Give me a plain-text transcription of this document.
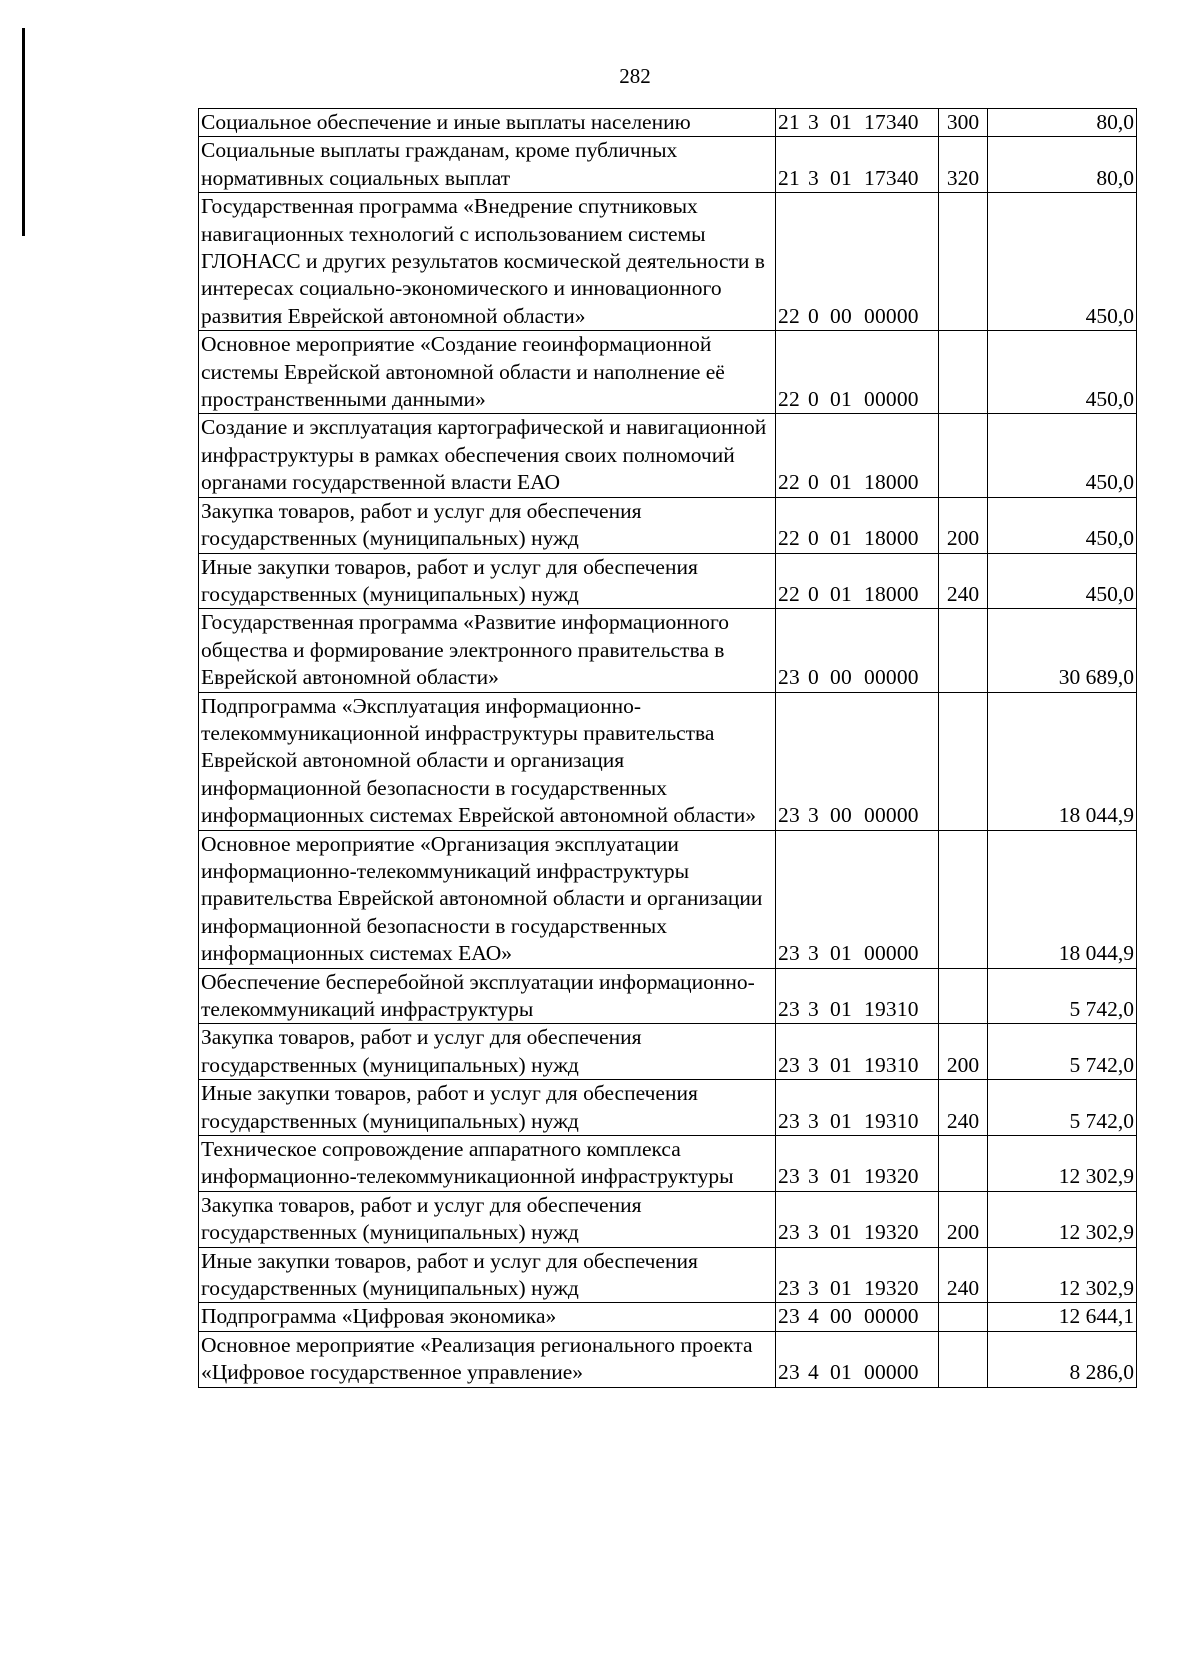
282
Социальное обеспечение и иные выплаты населению	21 3 01 17340	300	80,0
Социальные выплаты гражданам, кроме публичных нормативных социальных выплат	21 3 01 17340	320	80,0
Государственная программа «Внедрение спутниковых навигационных технологий с использованием системы ГЛОНАСС и других результатов космической деятельности в интересах социально-экономического и инновационного развития Еврейской автономной области»	22 0 00 00000		450,0
Основное мероприятие «Создание геоинформационной системы Еврейской автономной области и наполнение её пространственными данными»	22 0 01 00000		450,0
Создание и эксплуатация картографической и навигационной инфраструктуры в рамках обеспечения своих полномочий органами государственной власти ЕАО	22 0 01 18000		450,0
Закупка товаров, работ и услуг для обеспечения государственных (муниципальных) нужд	22 0 01 18000	200	450,0
Иные закупки товаров, работ и услуг для обеспечения государственных (муниципальных) нужд	22 0 01 18000	240	450,0
Государственная программа «Развитие информационного общества и формирование электронного правительства в Еврейской автономной области»	23 0 00 00000		30 689,0
Подпрограмма «Эксплуатация информационно-телекоммуникационной инфраструктуры правительства Еврейской автономной области и организация информационной безопасности в государственных информационных системах Еврейской автономной области»	23 3 00 00000		18 044,9
Основное мероприятие «Организация эксплуатации информационно-телекоммуникаций инфраструктуры правительства Еврейской автономной области и организации информационной безопасности в государственных информационных системах ЕАО»	23 3 01 00000		18 044,9
Обеспечение бесперебойной эксплуатации информационно-телекоммуникаций инфраструктуры	23 3 01 19310		5 742,0
Закупка товаров, работ и услуг для обеспечения государственных (муниципальных) нужд	23 3 01 19310	200	5 742,0
Иные закупки товаров, работ и услуг для обеспечения государственных (муниципальных) нужд	23 3 01 19310	240	5 742,0
Техническое сопровождение аппаратного комплекса информационно-телекоммуникационной инфраструктуры	23 3 01 19320		12 302,9
Закупка товаров, работ и услуг для обеспечения государственных (муниципальных) нужд	23 3 01 19320	200	12 302,9
Иные закупки товаров, работ и услуг для обеспечения государственных (муниципальных) нужд	23 3 01 19320	240	12 302,9
Подпрограмма «Цифровая экономика»	23 4 00 00000		12 644,1
Основное мероприятие «Реализация регионального проекта «Цифровое государственное управление»	23 4 01 00000		8 286,0
